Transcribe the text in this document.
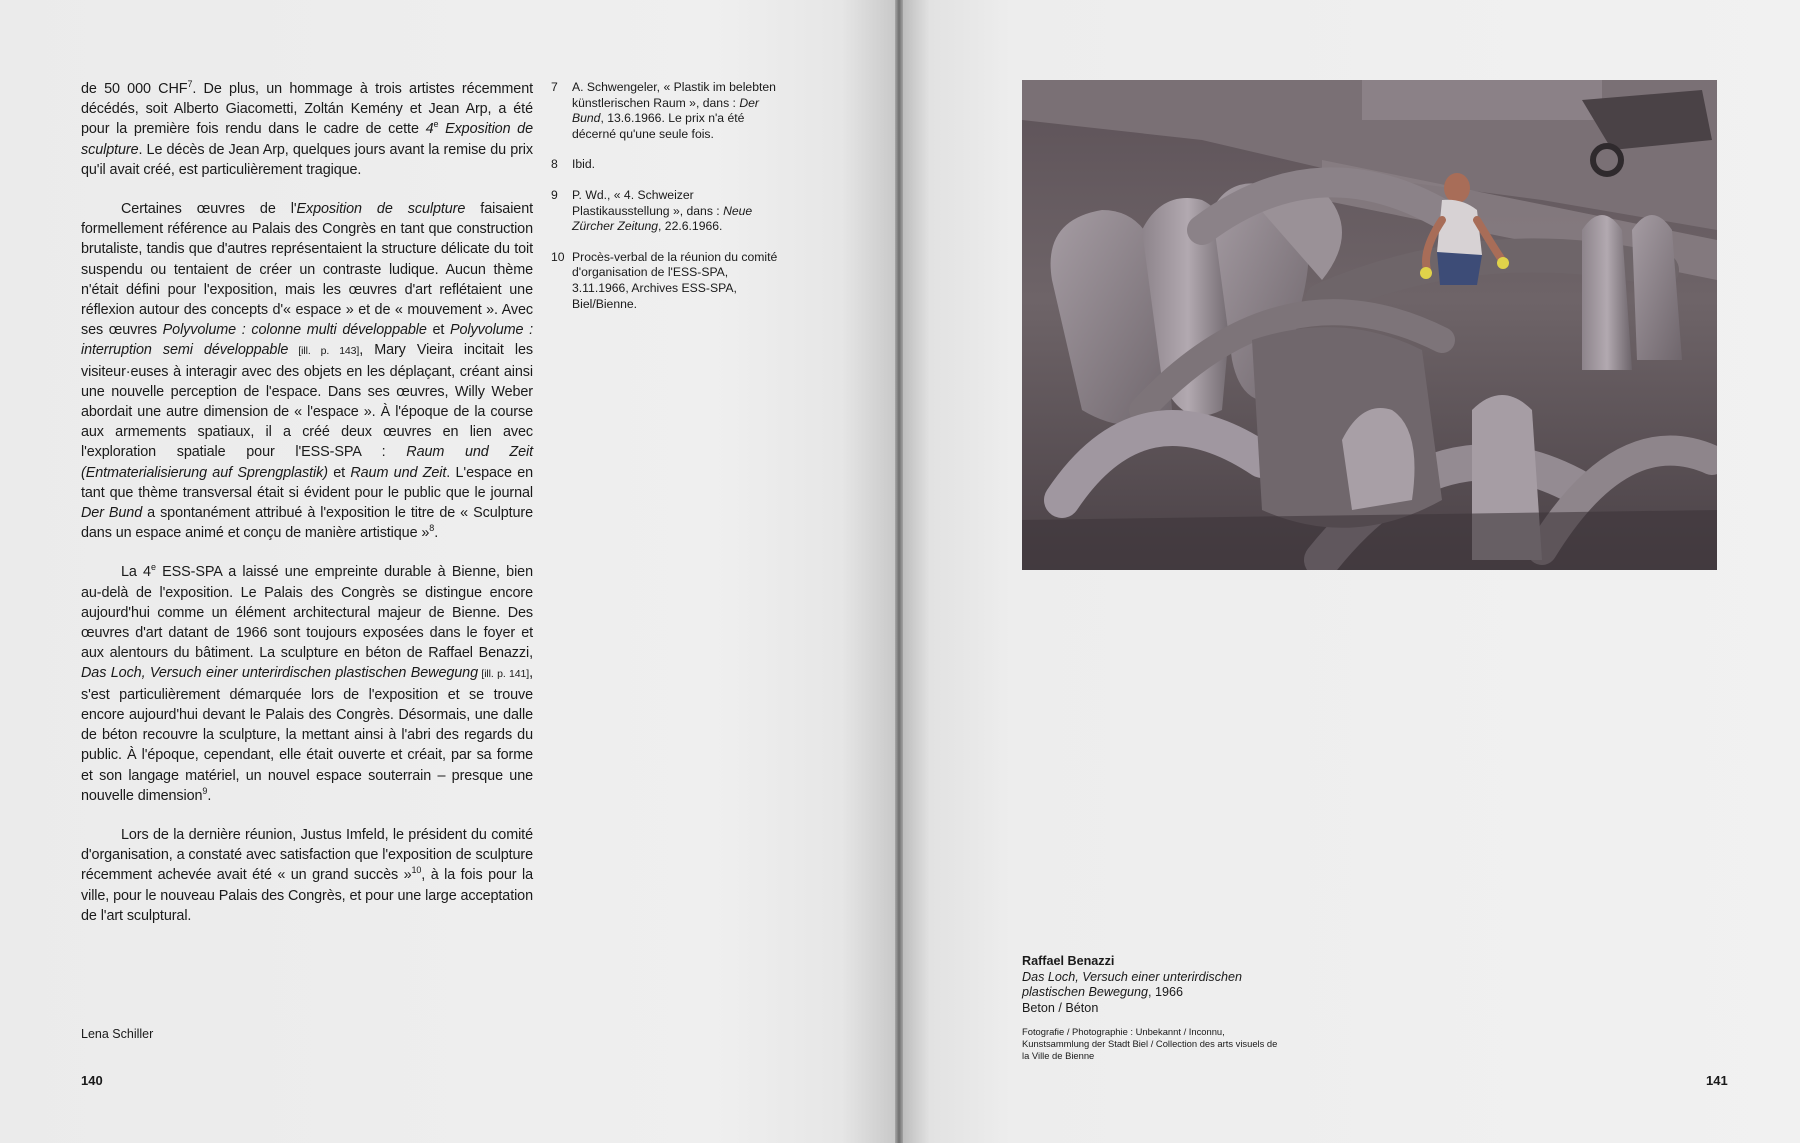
de 50 000 CHF$^7$. De plus, un hommage à trois artistes récemment décédés, soit Alberto Giacometti, Zoltán Kemény et Jean Arp, a été pour la première fois rendu dans le cadre de cette 4e Exposition de sculpture. Le décès de Jean Arp, quelques jours avant la remise du prix qu'il avait créé, est particulièrement tragique.

Certaines œuvres de l'Exposition de sculpture faisaient formellement référence au Palais des Congrès en tant que construction brutaliste, tandis que d'autres représentaient la structure délicate du toit suspendu ou tentaient de créer un contraste ludique. Aucun thème n'était défini pour l'exposition, mais les œuvres d'art reflétaient une réflexion autour des concepts d'« espace » et de « mouvement ». Avec ses œuvres Polyvolume : colonne multi développable et Polyvolume : interruption semi développable [ill. p. 143], Mary Vieira incitait les visiteur·euses à interagir avec des objets en les déplaçant, créant ainsi une nouvelle perception de l'espace. Dans ses œuvres, Willy Weber abordait une autre dimension de « l'espace ». À l'époque de la course aux armements spatiaux, il a créé deux œuvres en lien avec l'exploration spatiale pour l'ESS-SPA : Raum und Zeit (Entmaterialisierung auf Sprengplastik) et Raum und Zeit. L'espace en tant que thème transversal était si évident pour le public que le journal Der Bund a spontanément attribué à l'exposition le titre de « Sculpture dans un espace animé et conçu de manière artistique »$^8$.

La 4e ESS-SPA a laissé une empreinte durable à Bienne, bien au-delà de l'exposition. Le Palais des Congrès se distingue encore aujourd'hui comme un élément architectural majeur de Bienne. Des œuvres d'art datant de 1966 sont toujours exposées dans le foyer et aux alentours du bâtiment. La sculpture en béton de Raffael Benazzi, Das Loch, Versuch einer unterirdischen plastischen Bewegung [ill. p. 141], s'est particulièrement démarquée lors de l'exposition et se trouve encore aujourd'hui devant le Palais des Congrès. Désormais, une dalle de béton recouvre la sculpture, la mettant ainsi à l'abri des regards du public. À l'époque, cependant, elle était ouverte et créait, par sa forme et son langage matériel, un nouvel espace souterrain – presque une nouvelle dimension$^9$.

Lors de la dernière réunion, Justus Imfeld, le président du comité d'organisation, a constaté avec satisfaction que l'exposition de sculpture récemment achevée avait été « un grand succès »$^{10}$, à la fois pour la ville, pour le nouveau Palais des Congrès, et pour une large acceptation de l'art sculptural.

7	A. Schwengeler, « Plastik im belebten künstlerischen Raum », dans : Der Bund, 13.6.1966. Le prix n'a été décerné qu'une seule fois.
8	Ibid.
9	P. Wd., « 4. Schweizer Plastikausstellung », dans : Neue Zürcher Zeitung, 22.6.1966.
10 Procès-verbal de la réunion du comité d'organisation de l'ESS-SPA, 3.11.1966, Archives ESS-SPA, Biel/Bienne.
Lena Schiller
140	141
Raffael Benazzi
Das Loch, Versuch einer unterirdischen plastischen Bewegung, 1966
Beton / Béton
Fotografie / Photographie : Unbekannt / Inconnu, Kunstsammlung der Stadt Biel / Collection des arts visuels de la Ville de Bienne
